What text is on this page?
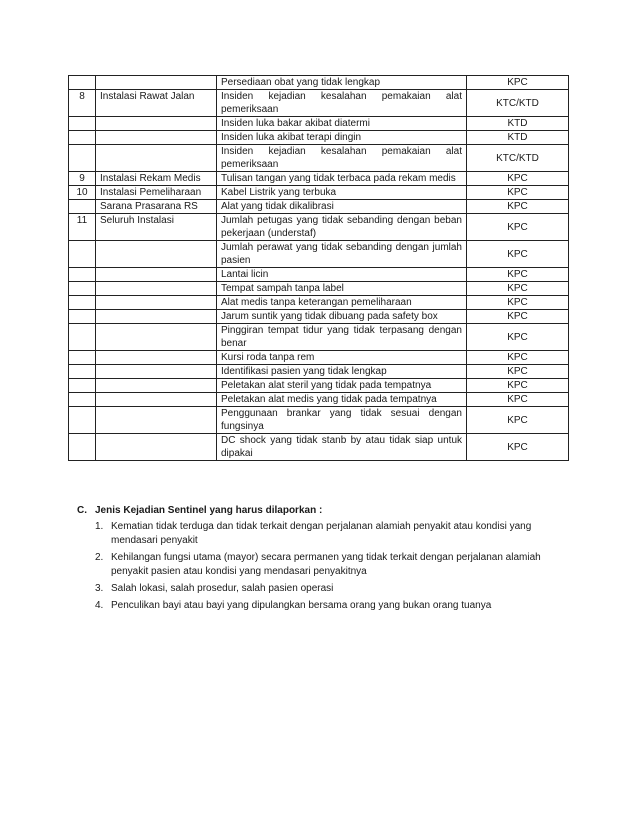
		Persediaan obat yang tidak lengkap	KPC
8	Instalasi Rawat Jalan	Insiden kejadian kesalahan pemakaian alat pemeriksaan	KTC/KTD
		Insiden luka bakar akibat diatermi	KTD
		Insiden luka akibat terapi dingin	KTD
		Insiden kejadian kesalahan pemakaian alat pemeriksaan	KTC/KTD
9	Instalasi Rekam Medis	Tulisan tangan yang tidak terbaca pada rekam medis	KPC
10	Instalasi Pemeliharaan	Kabel Listrik yang terbuka	KPC
	Sarana Prasarana RS	Alat yang tidak dikalibrasi	KPC
11	Seluruh Instalasi	Jumlah petugas yang tidak sebanding dengan beban pekerjaan (understaf)	KPC
		Jumlah perawat yang tidak sebanding dengan jumlah pasien	KPC
		Lantai licin	KPC
		Tempat sampah tanpa label	KPC
		Alat medis tanpa keterangan pemeliharaan	KPC
		Jarum suntik yang tidak dibuang pada safety box	KPC
		Pinggiran tempat tidur yang tidak terpasang dengan benar	KPC
		Kursi roda tanpa rem	KPC
		Identifikasi pasien yang tidak lengkap	KPC
		Peletakan alat steril yang tidak pada tempatnya	KPC
		Peletakan alat medis yang tidak pada tempatnya	KPC
		Penggunaan brankar yang tidak sesuai dengan fungsinya	KPC
		DC shock yang tidak stanb by atau tidak siap untuk dipakai	KPC
C. Jenis Kejadian Sentinel yang harus dilaporkan :
1. Kematian tidak terduga dan tidak terkait dengan perjalanan alamiah penyakit atau kondisi yang mendasari penyakit
2. Kehilangan fungsi utama (mayor) secara permanen yang tidak terkait dengan perjalanan alamiah penyakit pasien atau kondisi yang mendasari penyakitnya
3. Salah lokasi, salah prosedur, salah pasien operasi
4. Penculikan bayi atau bayi yang dipulangkan bersama orang yang bukan orang tuanya
